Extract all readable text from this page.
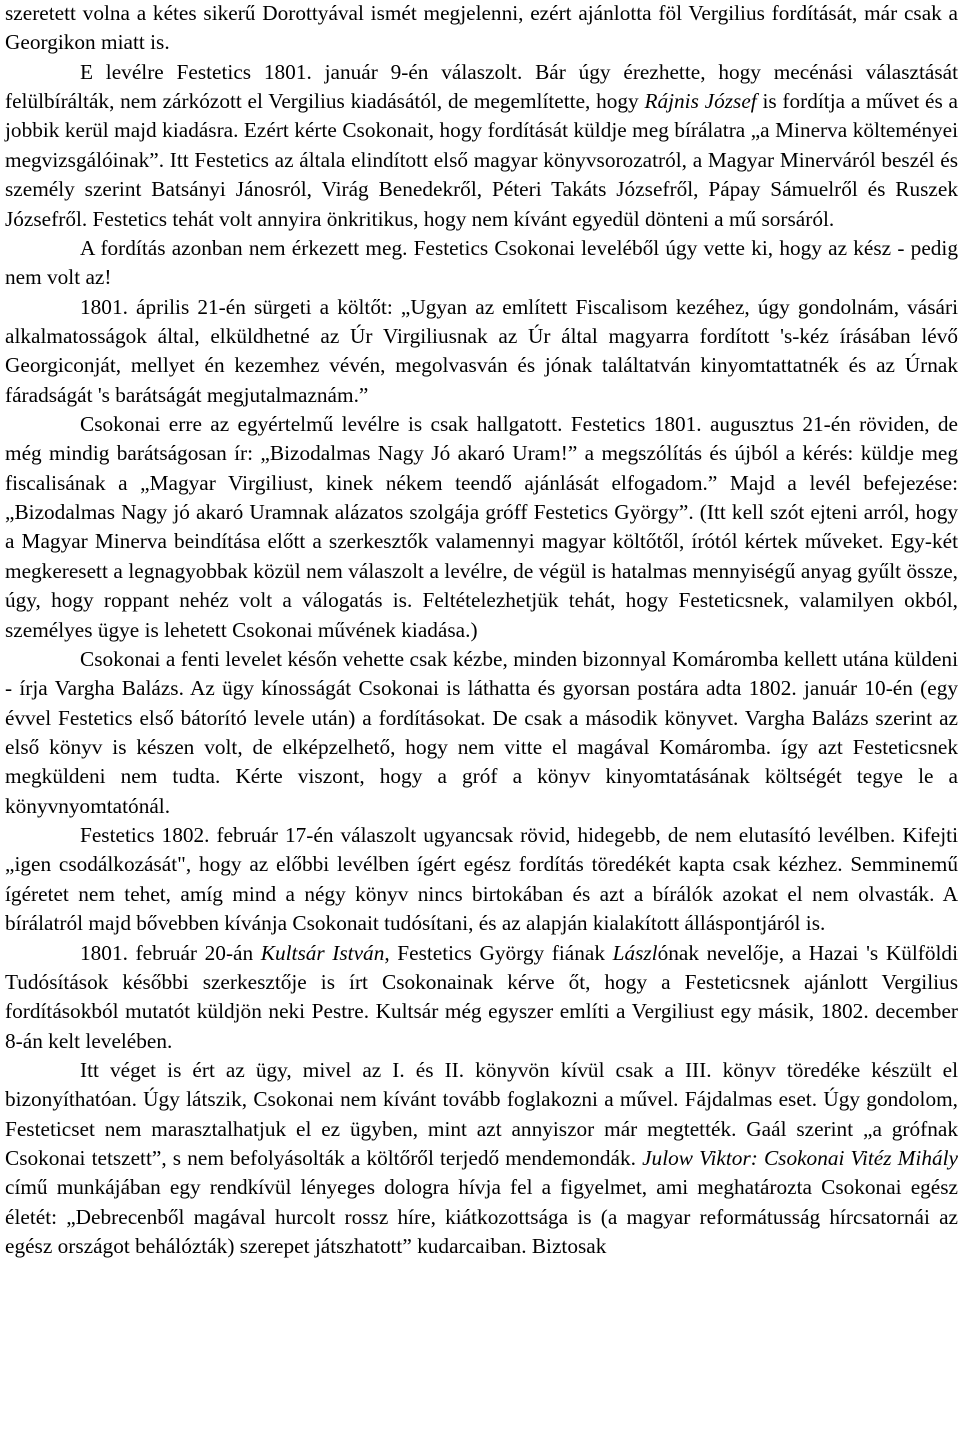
szeretett volna a kétes sikerű Dorottyával ismét megjelenni, ezért ajánlotta föl Vergilius fordítását, már csak a Georgikon miatt is.

E levélre Festetics 1801. január 9-én válaszolt. Bár úgy érezhette, hogy mecénási választását felülbírálták, nem zárkózott el Vergilius kiadásától, de megemlítette, hogy Rájnis József is fordítja a művet és a jobbik kerül majd kiadásra. Ezért kérte Csokonait, hogy fordítását küldje meg bírálatra „a Minerva költeményei megvizsgálóinak”. Itt Festetics az általa elindított első magyar könyvsorozatról, a Magyar Minerváról beszél és személy szerint Batsányi Jánosról, Virág Benedekről, Péteri Takáts Józsefről, Pápay Sámuelről és Ruszek Józsefről. Festetics tehát volt annyira önkritikus, hogy nem kívánt egyedül dönteni a mű sorsáról.

A fordítás azonban nem érkezett meg. Festetics Csokonai leveléből úgy vette ki, hogy az kész - pedig nem volt az!

1801. április 21-én sürgeti a költőt: „Ugyan az említett Fiscalisom kezéhez, úgy gondolnám, vásári alkalmatosságok által, elküldhetné az Úr Virgiliusnak az Úr által magyarra fordított 's-kéz írásában lévő Georgiconját, mellyet én kezemhez vévén, megolvasván és jónak találtatván kinyomtattatnék és az Úrnak fáradságát 's barátságát megjutalmaznám.”

Csokonai erre az egyértelmű levélre is csak hallgatott. Festetics 1801. augusztus 21-én röviden, de még mindig barátságosan ír: „Bizodalmas Nagy Jó akaró Uram!” a megszólítás és újból a kérés: küldje meg fiscalisának a „Magyar Virgiliust, kinek nékem teendő ajánlását elfogadom.” Majd a levél befejezése: „Bizodalmas Nagy jó akaró Uramnak alázatos szolgája gróff Festetics György”. (Itt kell szót ejteni arról, hogy a Magyar Minerva beindítása előtt a szerkesztők valamennyi magyar költőtől, írótól kértek műveket. Egy-két megkeresett a legnagyobbak közül nem válaszolt a levélre, de végül is hatalmas mennyiségű anyag gyűlt össze, úgy, hogy roppant nehéz volt a válogatás is. Feltételezhetjük tehát, hogy Festeticsnek, valamilyen okból, személyes ügye is lehetett Csokonai művének kiadása.)

Csokonai a fenti levelet későn vehette csak kézbe, minden bizonnyal Komáromba kellett utána küldeni - írja Vargha Balázs. Az ügy kínosságát Csokonai is láthatta és gyorsan postára adta 1802. január 10-én (egy évvel Festetics első bátorító levele után) a fordításokat. De csak a második könyvet. Vargha Balázs szerint az első könyv is készen volt, de elképzelhető, hogy nem vitte el magával Komáromba. így azt Festeticsnek megküldeni nem tudta. Kérte viszont, hogy a gróf a könyv kinyomtatásának költségét tegye le a könyvnyomtatónál.

Festetics 1802. február 17-én válaszolt ugyancsak rövid, hidegebb, de nem elutasító levélben. Kifejti „igen csodálkozását", hogy az előbbi levélben ígért egész fordítás töredékét kapta csak kézhez. Semminemű ígéretet nem tehet, amíg mind a négy könyv nincs birtokában és azt a bírálók azokat el nem olvasták. A bírálatról majd bővebben kívánja Csokonait tudósítani, és az alapján kialakított álláspontjáról is.

1801. február 20-án Kultsár István, Festetics György fiának Lászlónak nevelője, a Hazai 's Külföldi Tudósítások későbbi szerkesztője is írt Csokonainak kérve őt, hogy a Festeticsnek ajánlott Vergilius fordításokból mutatót küldjön neki Pestre. Kultsár még egyszer említi a Vergiliust egy másik, 1802. december 8-án kelt levelében.

Itt véget is ért az ügy, mivel az I. és II. könyvön kívül csak a III. könyv töredéke készült el bizonyíthatóan. Úgy látszik, Csokonai nem kívánt tovább foglakozni a művel. Fájdalmas eset. Úgy gondolom, Festeticset nem marasztalhatjuk el ez ügyben, mint azt annyiszor már megtették. Gaál szerint „a grófnak Csokonai tetszett”, s nem befolyásolták a költőről terjedő mendemondák. Julow Viktor: Csokonai Vitéz Mihály című munkájában egy rendkívül lényeges dologra hívja fel a figyelmet, ami meghatározta Csokonai egész életét: „Debrecenből magával hurcolt rossz híre, kiátkozottsága is (a magyar reformátusság hírcsatornái az egész országot behálózták) szerepet játszhatott” kudarcaiban. Biztosak
